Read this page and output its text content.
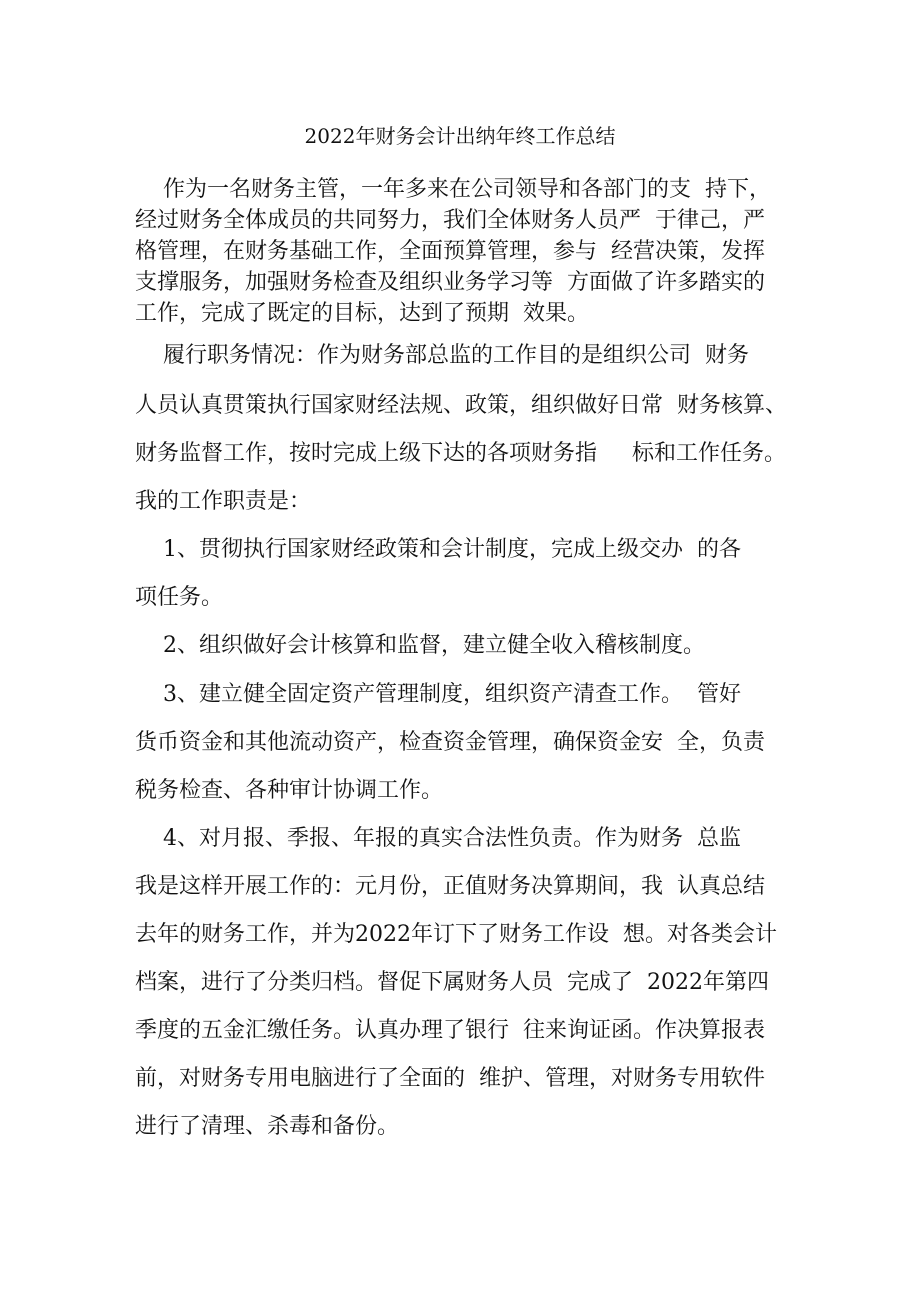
2022年财务会计出纳年终工作总结

作为一名财务主管，一年多来在公司领导和各部门的支  持下，

经过财务全体成员的共同努力，我们全体财务人员严  于律己，严

格管理，在财务基础工作，全面预算管理，参与  经营决策，发挥

支撑服务，加强财务检查及组织业务学习等  方面做了许多踏实的

工作，完成了既定的目标，达到了预期  效果。

履行职务情况：作为财务部总监的工作目的是组织公司  财务

人员认真贯策执行国家财经法规、政策，组织做好日常  财务核算、

财务监督工作，按时完成上级下达的各项财务指     标和工作任务。

我的工作职责是：

1、贯彻执行国家财经政策和会计制度，完成上级交办  的各

项任务。

2、组织做好会计核算和监督，建立健全收入稽核制度。

3、建立健全固定资产管理制度，组织资产清查工作。  管好

货币资金和其他流动资产，检查资金管理，确保资金安  全，负责

税务检查、各种审计协调工作。

4、对月报、季报、年报的真实合法性负责。作为财务  总监

我是这样开展工作的：元月份，正值财务决算期间，我  认真总结

去年的财务工作，并为2022年订下了财务工作设  想。对各类会计

档案，进行了分类归档。督促下属财务人员  完成了  2022年第四

季度的五金汇缴任务。认真办理了银行  往来询证函。作决算报表

前，对财务专用电脑进行了全面的  维护、管理，对财务专用软件

进行了清理、杀毒和备份。
